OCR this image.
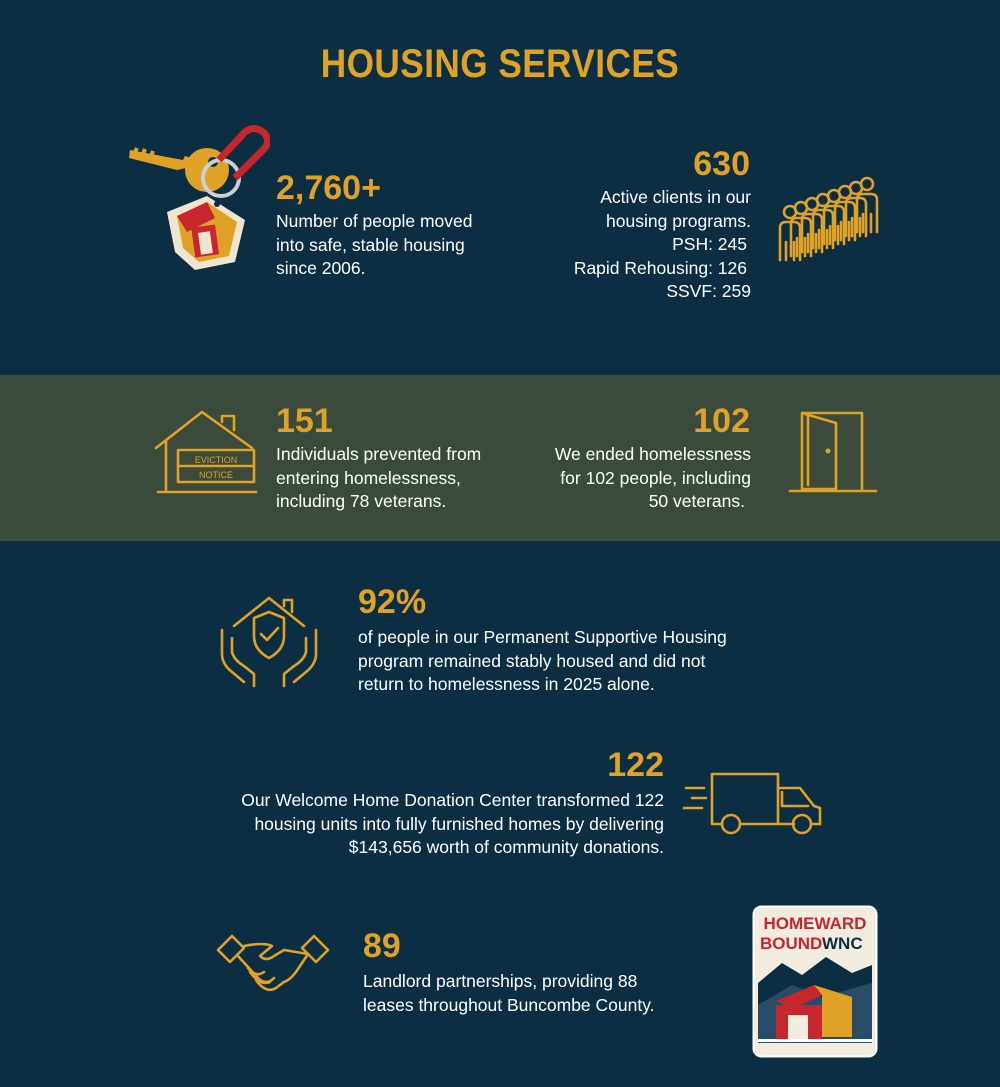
HOUSING SERVICES
2,760+
Number of people moved
into safe, stable housing
since 2006.
630
Active clients in our
housing programs.
PSH: 245
Rapid Rehousing: 126
SSVF: 259
EVICTION
NOTICE
151
Individuals prevented from
entering homelessness,
including 78 veterans.
102
We ended homelessness
for 102 people, including
50 veterans.
92%
of people in our Permanent Supportive Housing
program remained stably housed and did not
return to homelessness in 2025 alone.
122
Our Welcome Home Donation Center transformed 122
housing units into fully furnished homes by delivering
$143,656 worth of community donations.
89
Landlord partnerships, providing 88
leases throughout Buncombe County.
HOMEWARD
BOUND WNC
